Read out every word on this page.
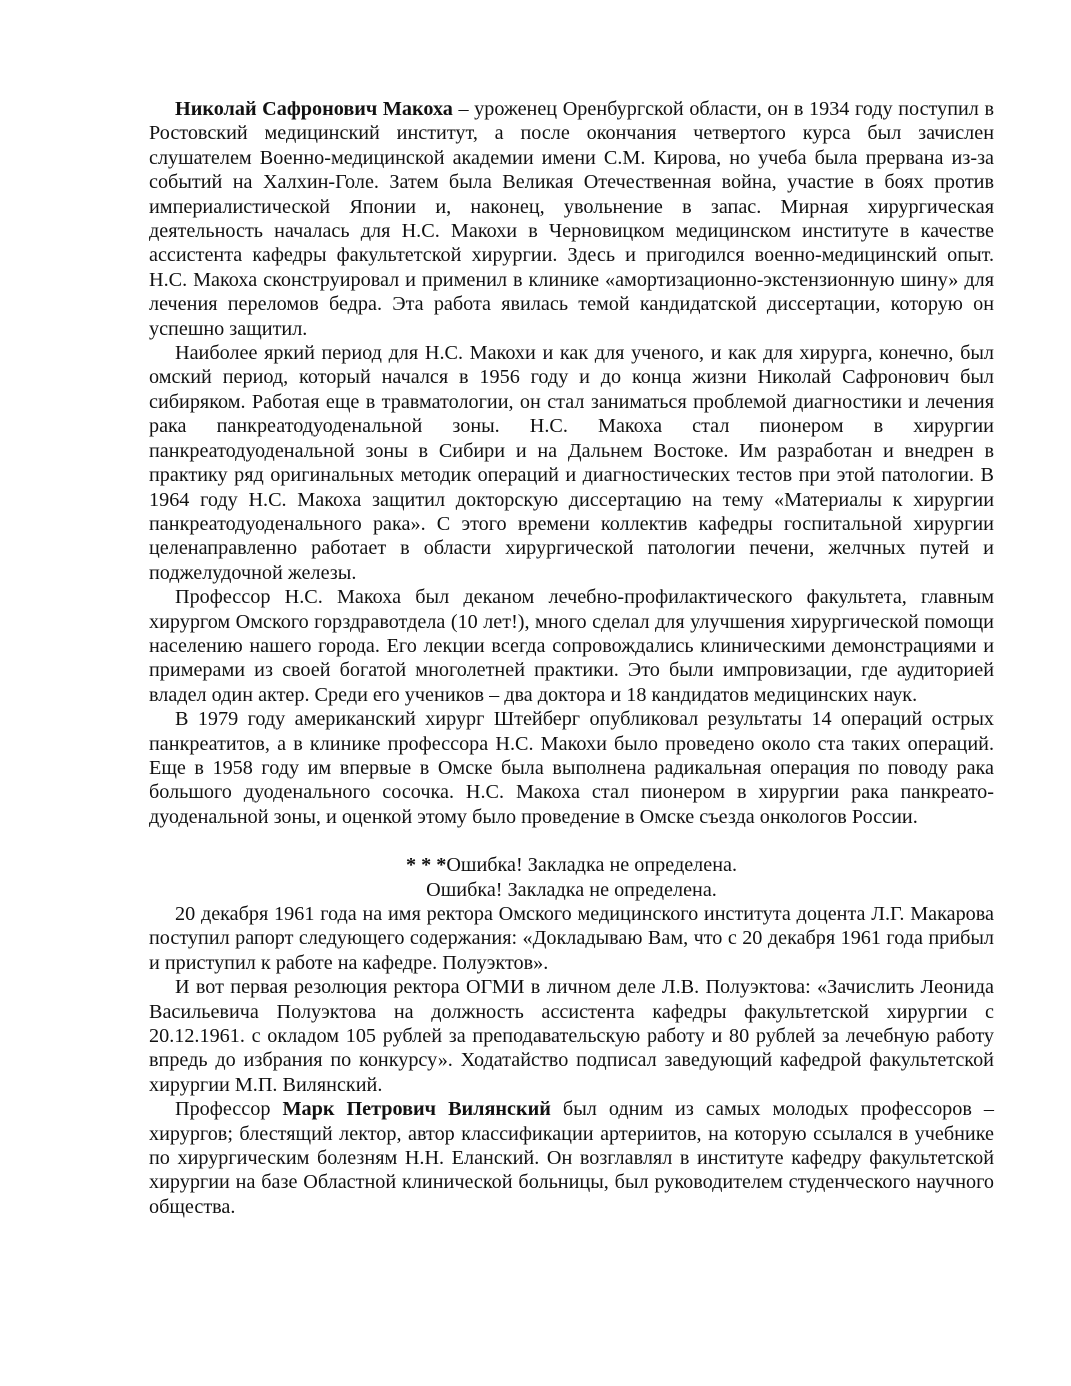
Николай Сафронович Макоха – уроженец Оренбургской области, он в 1934 году поступил в Ростовский медицинский институт, а после окончания четвертого курса был зачислен слушателем Военно-медицинской академии имени С.М. Кирова, но учеба была прервана из-за событий на Халхин-Голе. Затем была Великая Отечественная война, участие в боях против империалистической Японии и, наконец, увольнение в запас. Мирная хирургическая деятельность началась для Н.С. Макохи в Черновицком медицинском институте в качестве ассистента кафедры факультетской хирургии. Здесь и пригодился военно-медицинский опыт. Н.С. Макоха сконструировал и применил в клинике «амортизационно-экстензионную шину» для лечения переломов бедра. Эта работа явилась темой кандидатской диссертации, которую он успешно защитил.

Наиболее яркий период для Н.С. Макохи и как для ученого, и как для хирурга, конечно, был омский период, который начался в 1956 году и до конца жизни Николай Сафронович был сибиряком. Работая еще в травматологии, он стал заниматься проблемой диагностики и лечения рака панкреатодуоденальной зоны. Н.С. Макоха стал пионером в хирургии панкреатодуоденальной зоны в Сибири и на Дальнем Востоке. Им разработан и внедрен в практику ряд оригинальных методик операций и диагностических тестов при этой патологии. В 1964 году Н.С. Макоха защитил докторскую диссертацию на тему «Материалы к хирургии панкреатодуоденального рака». С этого времени коллектив кафедры госпитальной хирургии целенаправленно работает в области хирургической патологии печени, желчных путей и поджелудочной железы.

Профессор Н.С. Макоха был деканом лечебно-профилактического факультета, главным хирургом Омского горздравотдела (10 лет!), много сделал для улучшения хирургической помощи населению нашего города. Его лекции всегда сопровождались клиническими демонстрациями и примерами из своей богатой многолетней практики. Это были импровизации, где аудиторией владел один актер. Среди его учеников – два доктора и 18 кандидатов медицинских наук.

В 1979 году американский хирург Штейберг опубликовал результаты 14 операций острых панкреатитов, а в клинике профессора Н.С. Макохи было проведено около ста таких операций. Еще в 1958 году им впервые в Омске была выполнена радикальная операция по поводу рака большого дуоденального сосочка. Н.С. Макоха стал пионером в хирургии рака панкреато-дуоденальной зоны, и оценкой этому было проведение в Омске съезда онкологов России.

* * *Ошибка! Закладка не определена.

Ошибка! Закладка не определена.

20 декабря 1961 года на имя ректора Омского медицинского института доцента Л.Г. Макарова поступил рапорт следующего содержания: «Докладываю Вам, что с 20 декабря 1961 года прибыл и приступил к работе на кафедре. Полуэктов».

И вот первая резолюция ректора ОГМИ в личном деле Л.В. Полуэктова: «Зачислить Леонида Васильевича Полуэктова на должность ассистента кафедры факультетской хирургии с 20.12.1961. с окладом 105 рублей за преподавательскую работу и 80 рублей за лечебную работу впредь до избрания по конкурсу». Ходатайство подписал заведующий кафедрой факультетской хирургии М.П. Вилянский.

Профессор Марк Петрович Вилянский был одним из самых молодых профессоров – хирургов; блестящий лектор, автор классификации артериитов, на которую ссылался в учебнике по хирургическим болезням Н.Н. Еланский. Он возглавлял в институте кафедру факультетской хирургии на базе Областной клинической больницы, был руководителем студенческого научного общества.
